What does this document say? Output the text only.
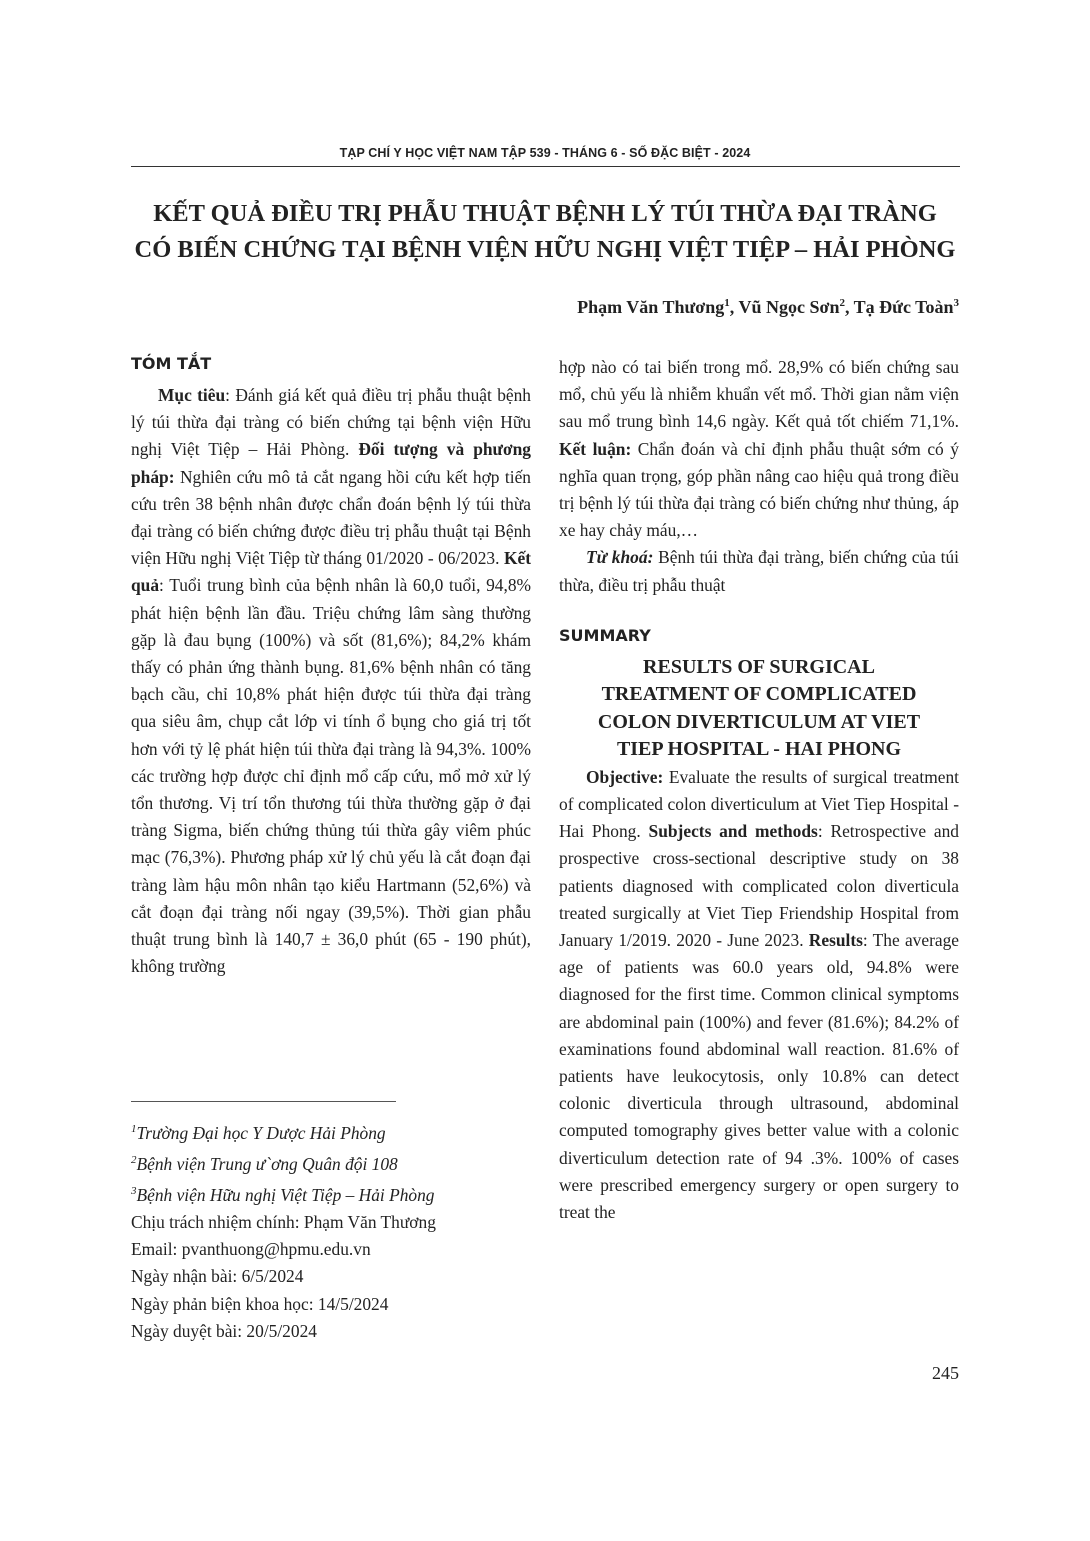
TẠP CHÍ Y HỌC VIỆT NAM TẬP 539 - THÁNG 6 - SỐ ĐẶC BIỆT - 2024
KẾT QUẢ ĐIỀU TRỊ PHẪU THUẬT BỆNH LÝ TÚI THỪA ĐẠI TRÀNG
CÓ BIẾN CHỨNG TẠI BỆNH VIỆN HỮU NGHỊ VIỆT TIỆP – HẢI PHÒNG
Phạm Văn Thương$^1$, Vũ Ngọc Sơn$^2$, Tạ Đức Toàn$^3$
TÓM TẮT

Mục tiêu: Đánh giá kết quả điều trị phẫu thuật bệnh lý túi thừa đại tràng có biến chứng tại bệnh viện Hữu nghị Việt Tiệp – Hải Phòng. Đối tượng và phương pháp: Nghiên cứu mô tả cắt ngang hồi cứu kết hợp tiến cứu trên 38 bệnh nhân được chẩn đoán bệnh lý túi thừa đại tràng có biến chứng được điều trị phẫu thuật tại Bệnh viện Hữu nghị Việt Tiệp từ tháng 01/2020 - 06/2023. Kết quả: Tuổi trung bình của bệnh nhân là 60,0 tuổi, 94,8% phát hiện bệnh lần đầu. Triệu chứng lâm sàng thường gặp là đau bụng (100%) và sốt (81,6%); 84,2% khám thấy có phản ứng thành bụng. 81,6% bệnh nhân có tăng bạch cầu, chỉ 10,8% phát hiện được túi thừa đại tràng qua siêu âm, chụp cắt lớp vi tính ổ bụng cho giá trị tốt hơn với tỷ lệ phát hiện túi thừa đại tràng là 94,3%. 100% các trường hợp được chỉ định mổ cấp cứu, mổ mở xử lý tổn thương. Vị trí tổn thương túi thừa thường gặp ở đại tràng Sigma, biến chứng thủng túi thừa gây viêm phúc mạc (76,3%). Phương pháp xử lý chủ yếu là cắt đoạn đại tràng làm hậu môn nhân tạo kiểu Hartmann (52,6%) và cắt đoạn đại tràng nối ngay (39,5%). Thời gian phẫu thuật trung bình là 140,7 ± 36,0 phút (65 - 190 phút), không trường

hợp nào có tai biến trong mổ. 28,9% có biến chứng sau mổ, chủ yếu là nhiễm khuẩn vết mổ. Thời gian nằm viện sau mổ trung bình 14,6 ngày. Kết quả tốt chiếm 71,1%. Kết luận: Chẩn đoán và chỉ định phẫu thuật sớm có ý nghĩa quan trọng, góp phần nâng cao hiệu quả trong điều trị bệnh lý túi thừa đại tràng có biến chứng như thủng, áp xe hay chảy máu,…

Từ khoá: Bệnh túi thừa đại tràng, biến chứng của túi thừa, điều trị phẫu thuật

SUMMARY
RESULTS OF SURGICAL
TREATMENT OF COMPLICATED
COLON DIVERTICULUM AT VIET
TIEP HOSPITAL - HAI PHONG

Objective: Evaluate the results of surgical treatment of complicated colon diverticulum at Viet Tiep Hospital - Hai Phong. Subjects and methods: Retrospective and prospective cross-sectional descriptive study on 38 patients diagnosed with complicated colon diverticula treated surgically at Viet Tiep Friendship Hospital from January 1/2019. 2020 - June 2023. Results: The average age of patients was 60.0 years old, 94.8% were diagnosed for the first time. Common clinical symptoms are abdominal pain (100%) and fever (81.6%); 84.2% of examinations found abdominal wall reaction. 81.6% of patients have leukocytosis, only 10.8% can detect colonic diverticula through ultrasound, abdominal computed tomography gives better value with a colonic diverticulum detection rate of 94 .3%. 100% of cases were prescribed emergency surgery or open surgery to treat the

$^1$Trường Đại học Y Dược Hải Phòng
$^2$Bệnh viện Trung ư`ơng Quân đội 108
$^3$Bệnh viện Hữu nghị Việt Tiệp – Hải Phòng
Chịu trách nhiệm chính: Phạm Văn Thương
Email: pvanthuong@hpmu.edu.vn
Ngày nhận bài: 6/5/2024
Ngày phản biện khoa học: 14/5/2024
Ngày duyệt bài: 20/5/2024
245
